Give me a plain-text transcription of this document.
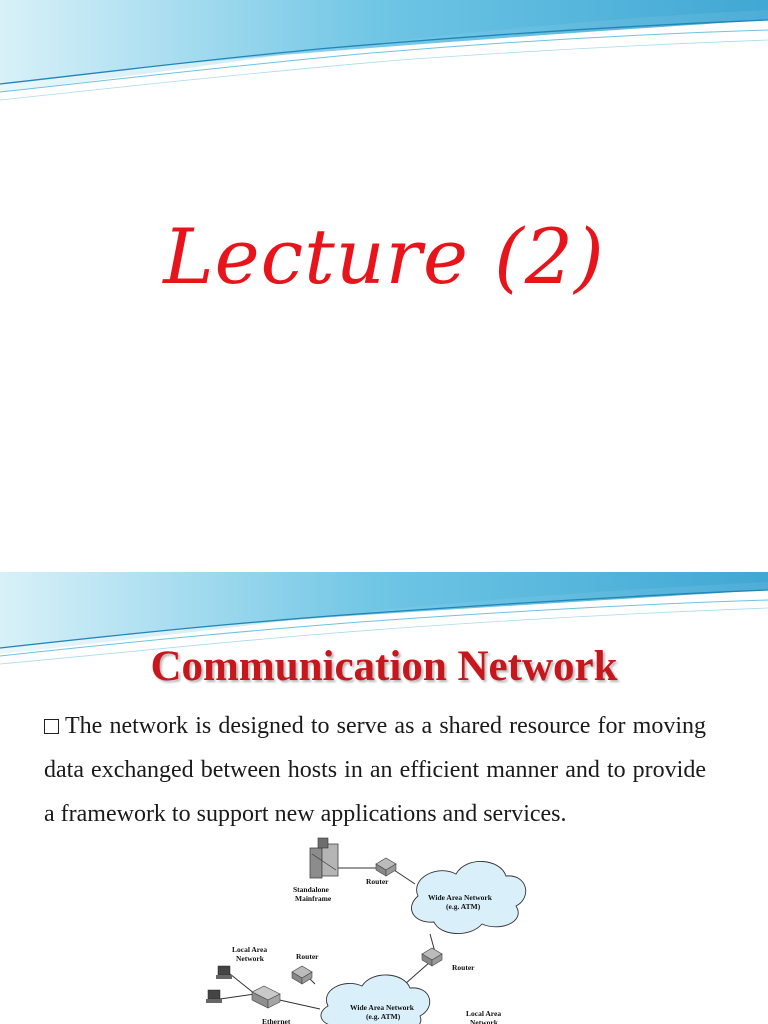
Lecture (2)
Communication Network
The network is designed to serve as a shared resource for moving data exchanged between hosts in an efficient manner and to provide a framework to support new applications and services.
Standalone Mainframe
Router
Wide Area Network (e.g. ATM)
Router
Local Area Network	Router
Ethernet
Wide Area Network (e.g. ATM)	Local Area Network
